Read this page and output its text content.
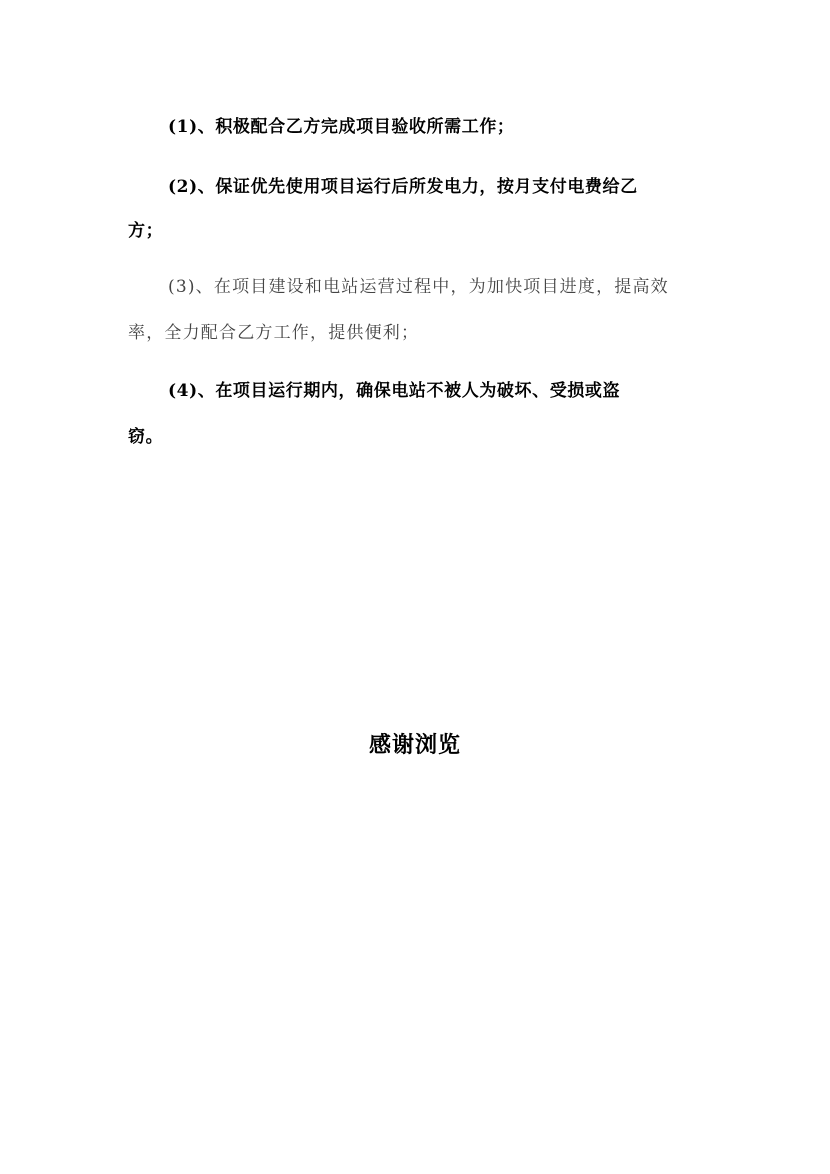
(1)、积极配合乙方完成项目验收所需工作；
(2)、保证优先使用项目运行后所发电力，按月支付电费给乙
方；
(3)、在项目建设和电站运营过程中，为加快项目进度，提高效
率，全力配合乙方工作，提供便利；
(4)、在项目运行期内，确保电站不被人为破坏、受损或盗
窃。
感谢浏览
